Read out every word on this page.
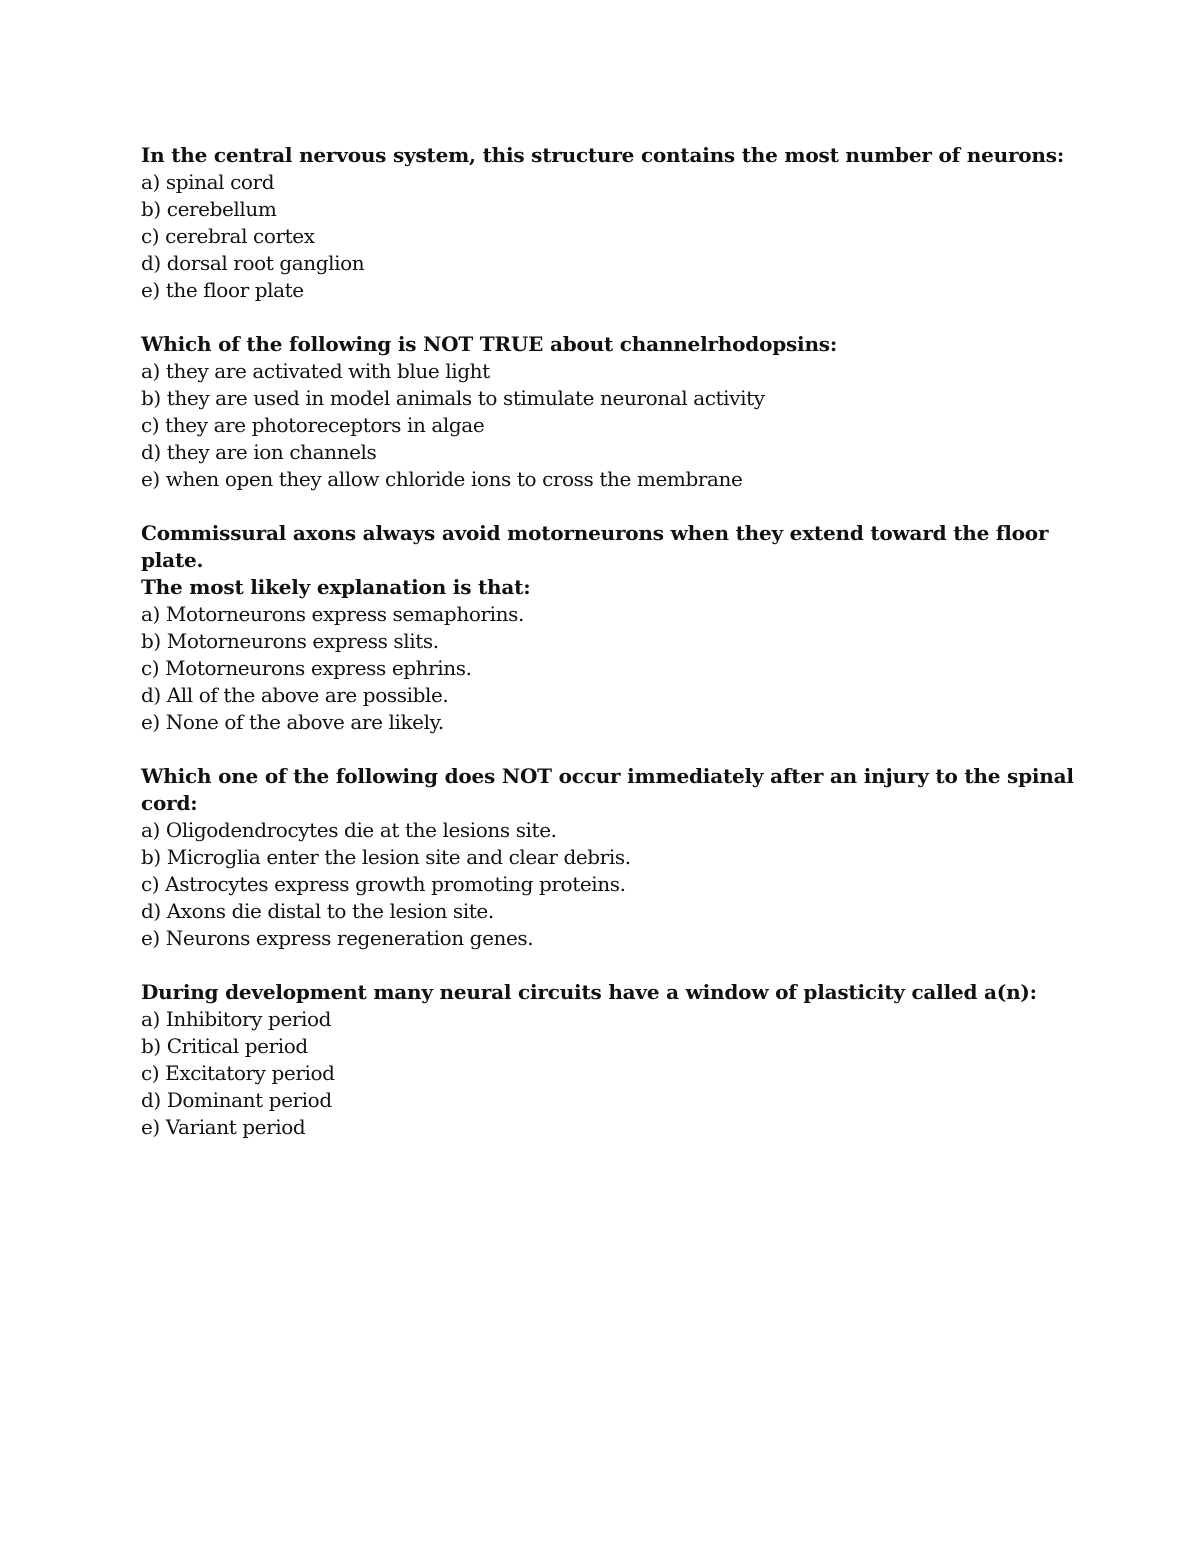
In the central nervous system, this structure contains the most number of neurons:

a) spinal cord
b) cerebellum
c) cerebral cortex
d) dorsal root ganglion
e) the floor plate

Which of the following is NOT TRUE about channelrhodopsins:

a) they are activated with blue light
b) they are used in model animals to stimulate neuronal activity
c) they are photoreceptors in algae
d) they are ion channels
e) when open they allow chloride ions to cross the membrane

Commissural axons always avoid motorneurons when they extend toward the floor plate.
The most likely explanation is that:

a) Motorneurons express semaphorins.
b) Motorneurons express slits.
c) Motorneurons express ephrins.
d) All of the above are possible.
e) None of the above are likely.

Which one of the following does NOT occur immediately after an injury to the spinal cord:

a) Oligodendrocytes die at the lesions site.
b) Microglia enter the lesion site and clear debris.
c) Astrocytes express growth promoting proteins.
d) Axons die distal to the lesion site.
e) Neurons express regeneration genes.

During development many neural circuits have a window of plasticity called a(n):

a) Inhibitory period
b) Critical period
c) Excitatory period
d) Dominant period
e) Variant period
